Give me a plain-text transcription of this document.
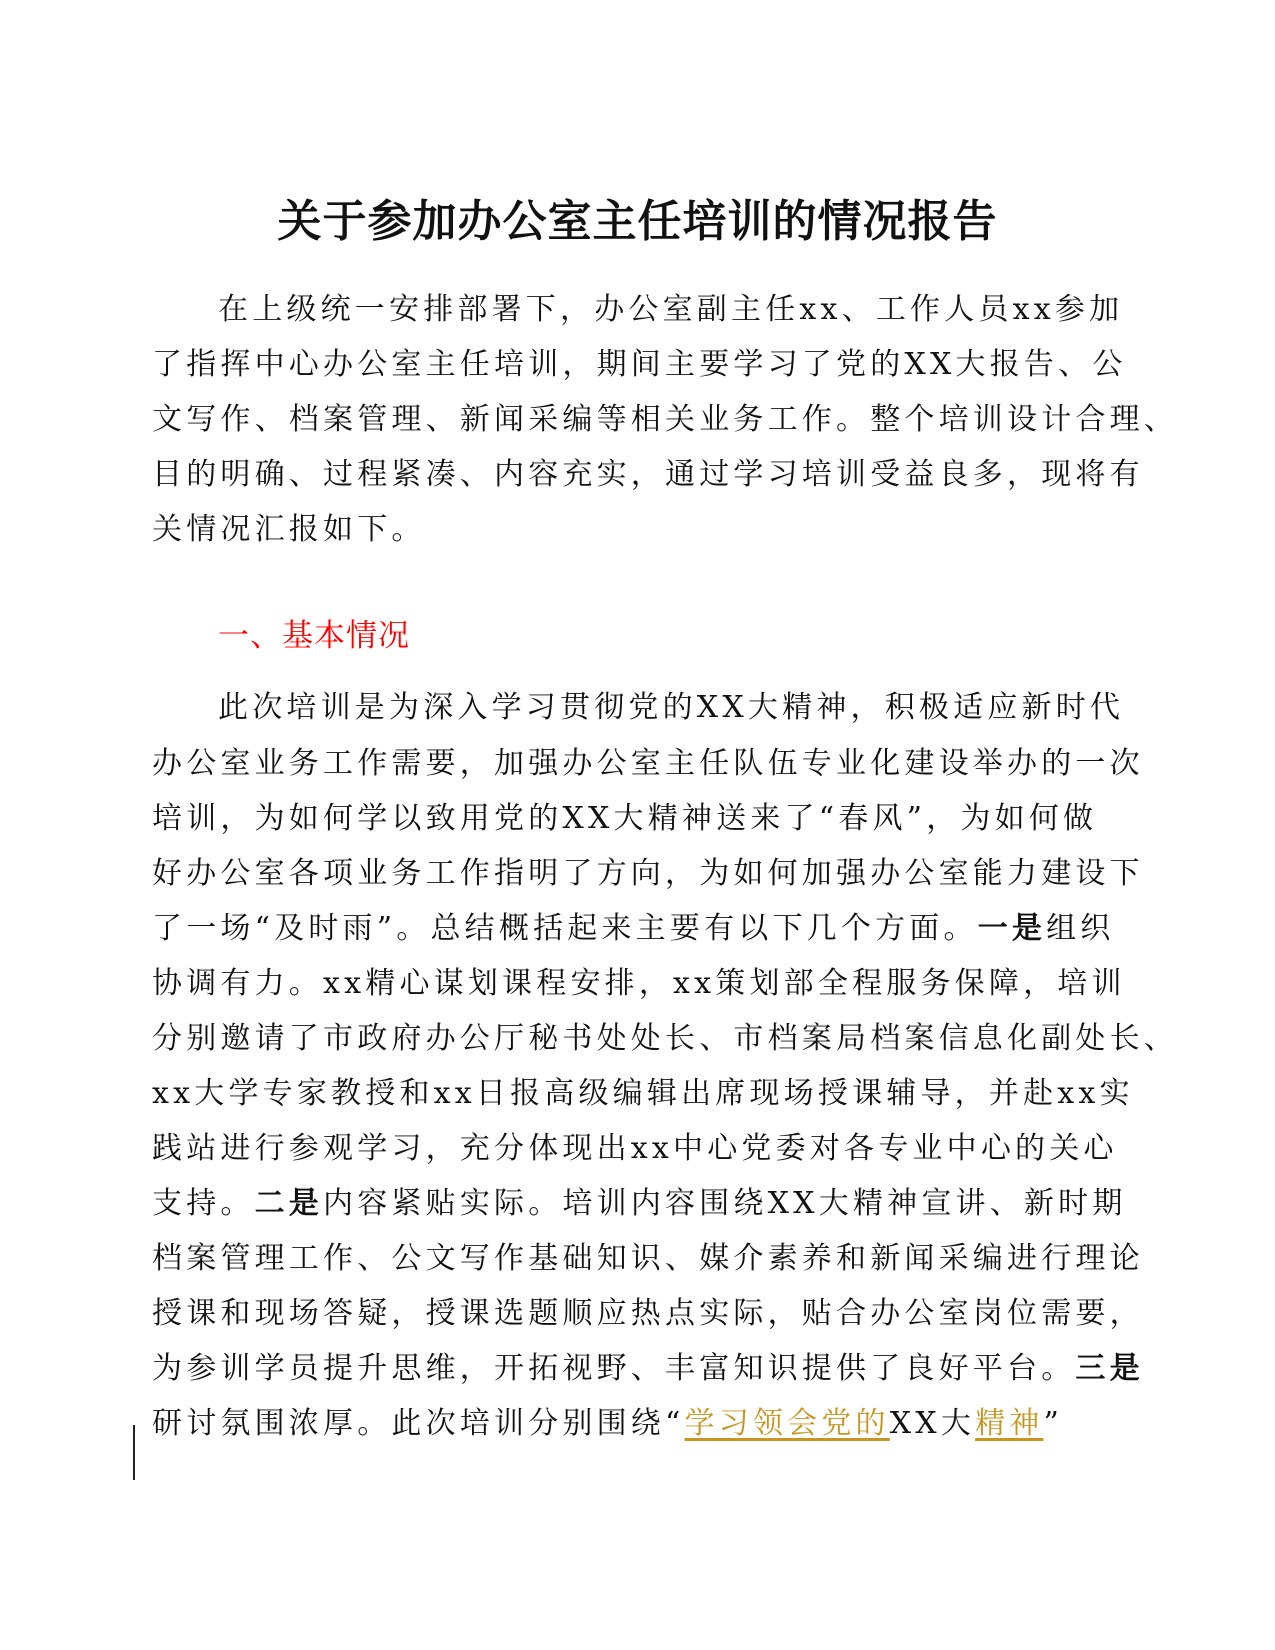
关于参加办公室主任培训的情况报告
在上级统一安排部署下，办公室副主任xx、工作人员xx参加
了指挥中心办公室主任培训，期间主要学习了党的XX大报告、公
文写作、档案管理、新闻采编等相关业务工作。整个培训设计合理、
目的明确、过程紧凑、内容充实，通过学习培训受益良多，现将有
关情况汇报如下。
一、基本情况
此次培训是为深入学习贯彻党的XX大精神，积极适应新时代
办公室业务工作需要，加强办公室主任队伍专业化建设举办的一次
培训，为如何学以致用党的XX大精神送来了“春风”，为如何做
好办公室各项业务工作指明了方向，为如何加强办公室能力建设下
了一场“及时雨”。总结概括起来主要有以下几个方面。一是组织
协调有力。xx精心谋划课程安排，xx策划部全程服务保障，培训
分别邀请了市政府办公厅秘书处处长、市档案局档案信息化副处长、
xx大学专家教授和xx日报高级编辑出席现场授课辅导，并赴xx实
践站进行参观学习，充分体现出xx中心党委对各专业中心的关心
支持。二是内容紧贴实际。培训内容围绕XX大精神宣讲、新时期
档案管理工作、公文写作基础知识、媒介素养和新闻采编进行理论
授课和现场答疑，授课选题顺应热点实际，贴合办公室岗位需要，
为参训学员提升思维，开拓视野、丰富知识提供了良好平台。三是
研讨氛围浓厚。此次培训分别围绕“学习领会党的XX大精神”
